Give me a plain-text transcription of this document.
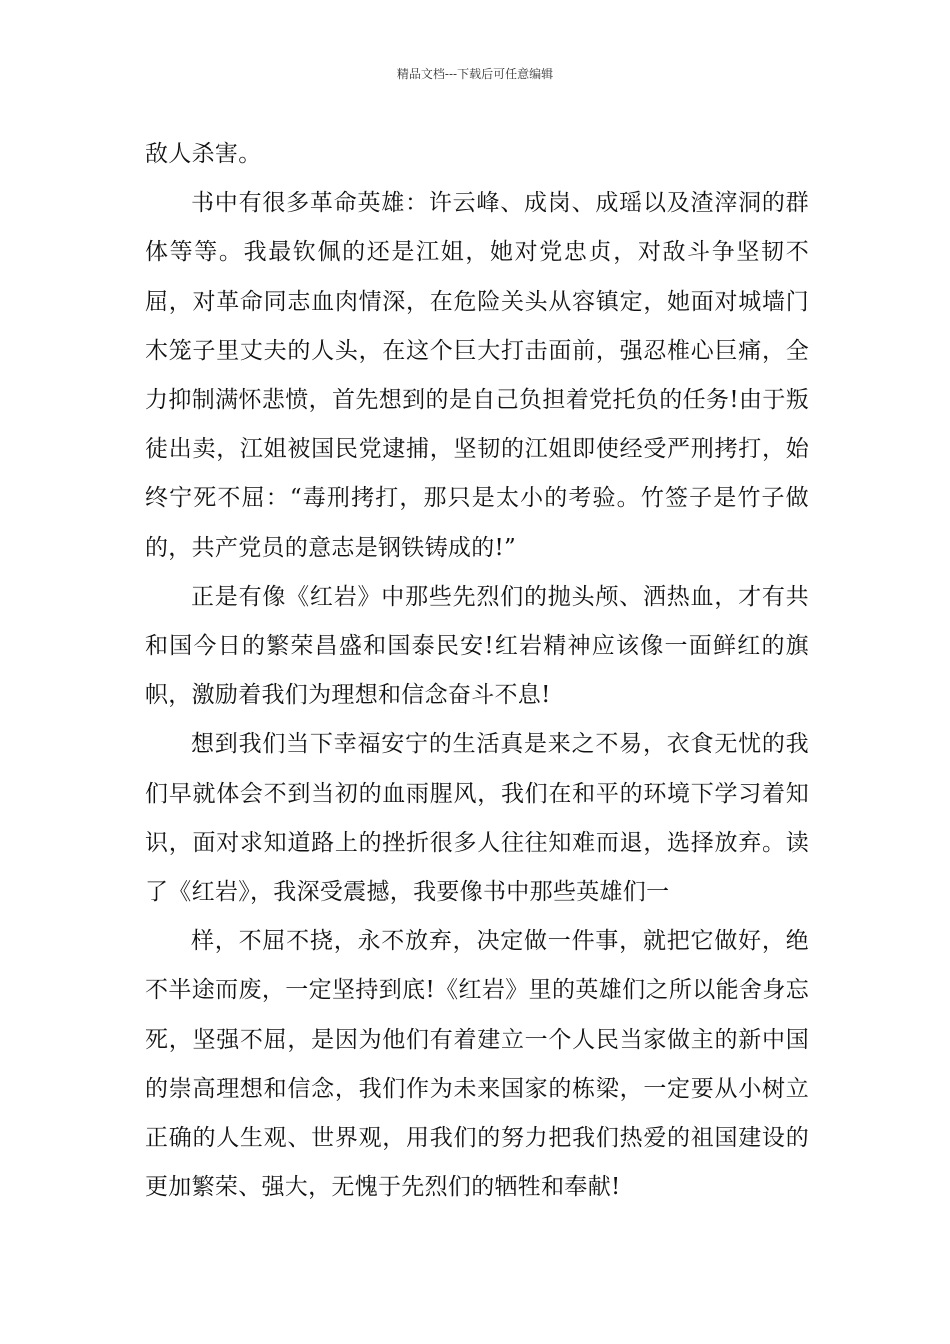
精品文档---下载后可任意编辑

敌人杀害。

书中有很多革命英雄：许云峰、成岗、成瑶以及渣滓洞的群体等等。我最钦佩的还是江姐，她对党忠贞，对敌斗争坚韧不屈，对革命同志血肉情深，在危险关头从容镇定，她面对城墙门木笼子里丈夫的人头，在这个巨大打击面前，强忍椎心巨痛，全力抑制满怀悲愤，首先想到的是自己负担着党托负的任务!由于叛徒出卖，江姐被国民党逮捕，坚韧的江姐即使经受严刑拷打，始终宁死不屈：“毒刑拷打，那只是太小的考验。竹签子是竹子做的，共产党员的意志是钢铁铸成的!”

正是有像《红岩》中那些先烈们的抛头颅、洒热血，才有共和国今日的繁荣昌盛和国泰民安!红岩精神应该像一面鲜红的旗帜，激励着我们为理想和信念奋斗不息!

想到我们当下幸福安宁的生活真是来之不易，衣食无忧的我们早就体会不到当初的血雨腥风，我们在和平的环境下学习着知识，面对求知道路上的挫折很多人往往知难而退，选择放弃。读了《红岩》，我深受震撼，我要像书中那些英雄们一

样，不屈不挠，永不放弃，决定做一件事，就把它做好，绝不半途而废，一定坚持到底!《红岩》里的英雄们之所以能舍身忘死，坚强不屈，是因为他们有着建立一个人民当家做主的新中国的崇高理想和信念，我们作为未来国家的栋梁，一定要从小树立正确的人生观、世界观，用我们的努力把我们热爱的祖国建设的更加繁荣、强大，无愧于先烈们的牺牲和奉献!
